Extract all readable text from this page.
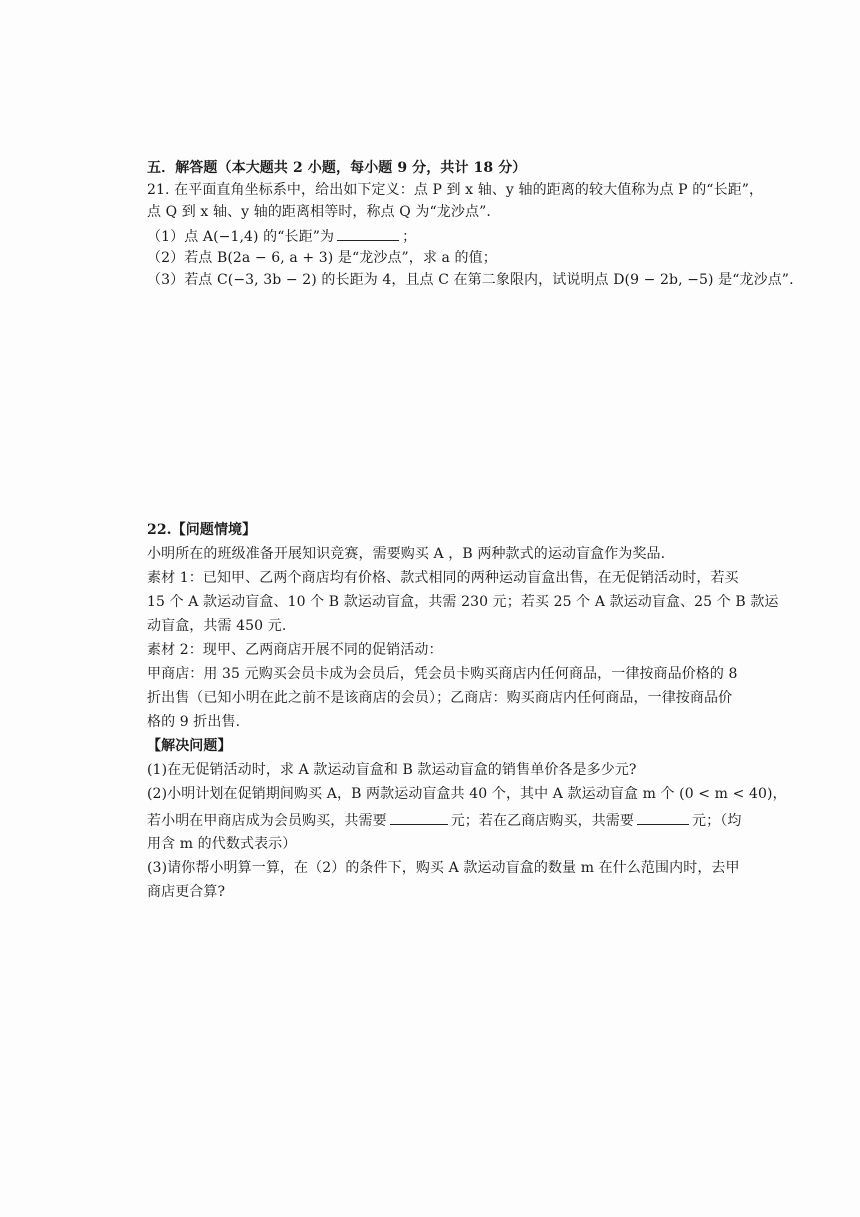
五．解答题（本大题共 2 小题，每小题 9 分，共计 18 分）
21. 在平面直角坐标系中，给出如下定义：点 P 到 x 轴、y 轴的距离的较大值称为点 P 的“长距”，
点 Q 到 x 轴、y 轴的距离相等时，称点 Q 为“龙沙点”.
（1）点 A(−1,4) 的“长距”为	；
（2）若点 B(2a − 6, a + 3) 是“龙沙点”，求 a 的值；
（3）若点 C(−3, 3b − 2) 的长距为 4，且点 C 在第二象限内，试说明点 D(9 − 2b, −5) 是“龙沙点”.
22.【问题情境】
小明所在的班级准备开展知识竞赛，需要购买 A ，B 两种款式的运动盲盒作为奖品.
素材 1：已知甲、乙两个商店均有价格、款式相同的两种运动盲盒出售，在无促销活动时，若买
15 个 A 款运动盲盒、10 个 B 款运动盲盒，共需 230 元；若买 25 个 A 款运动盲盒、25 个 B 款运
动盲盒，共需 450 元.
素材 2：现甲、乙两商店开展不同的促销活动：
甲商店：用 35 元购买会员卡成为会员后，凭会员卡购买商店内任何商品，一律按商品价格的 8
折出售（已知小明在此之前不是该商店的会员）；乙商店：购买商店内任何商品，一律按商品价
格的 9 折出售.
【解决问题】
(1)在无促销活动时，求 A 款运动盲盒和 B 款运动盲盒的销售单价各是多少元?
(2)小明计划在促销期间购买 A，B 两款运动盲盒共 40 个，其中 A 款运动盲盒 m 个 (0 < m < 40)，
若小明在甲商店成为会员购买，共需要	元；若在乙商店购买，共需要	元；（均
用含 m 的代数式表示）
(3)请你帮小明算一算，在（2）的条件下，购买 A 款运动盲盒的数量 m 在什么范围内时，去甲
商店更合算?
